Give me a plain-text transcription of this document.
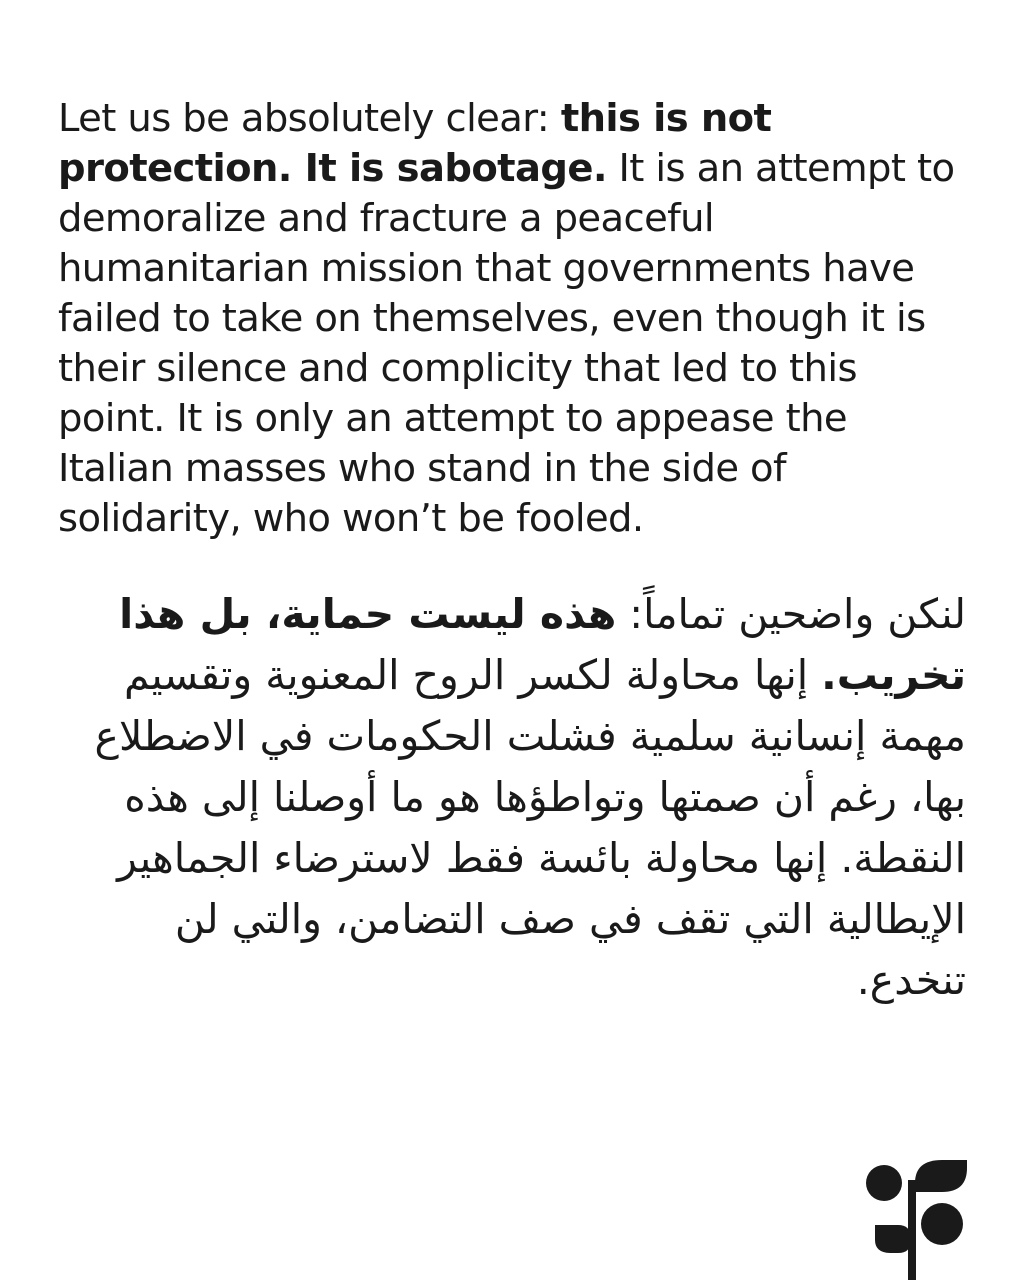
Let us be absolutely clear: this is not protection. It is sabotage. It is an attempt to demoralize and fracture a peaceful humanitarian mission that governments have failed to take on themselves, even though it is their silence and complicity that led to this point. It is only an attempt to appease the Italian masses who stand in the side of solidarity, who won’t be fooled.

لنكن واضحين تماماً: هذه ليست حماية، بل هذا تخريب. إنها محاولة لكسر الروح المعنوية وتقسيم مهمة إنسانية سلمية فشلت الحكومات في الاضطلاع بها، رغم أن صمتها وتواطؤها هو ما أوصلنا إلى هذه النقطة. إنها محاولة بائسة فقط لاسترضاء الجماهير الإيطالية التي تقف في صف التضامن، والتي لن تنخدع.
